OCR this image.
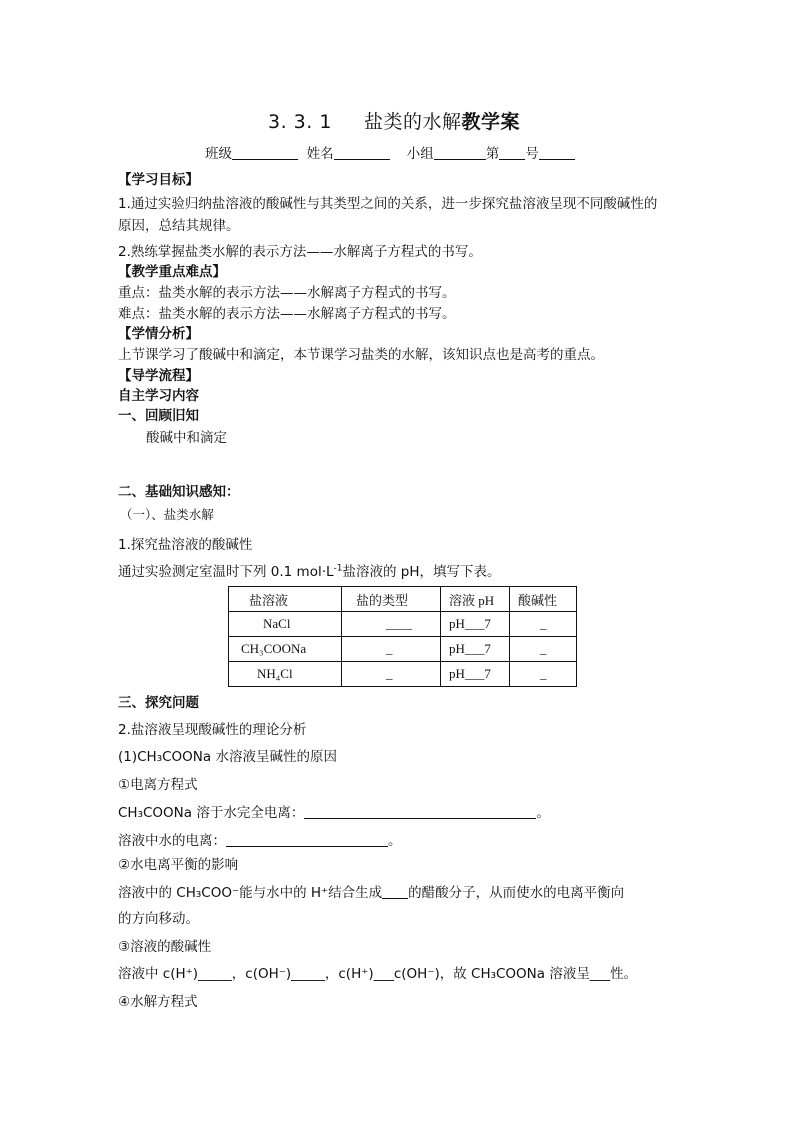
3. 3. 1 盐类的水解教学案
班级	姓名	小组	第 号
【学习目标】
1.通过实验归纳盐溶液的酸碱性与其类型之间的关系，进一步探究盐溶液呈现不同酸碱性的
原因，总结其规律。
2.熟练掌握盐类水解的表示方法——水解离子方程式的书写。
【教学重点难点】
重点：盐类水解的表示方法——水解离子方程式的书写。
难点：盐类水解的表示方法——水解离子方程式的书写。
【学情分析】
上节课学习了酸碱中和滴定，本节课学习盐类的水解，该知识点也是高考的重点。
【导学流程】
自主学习内容
一、回顾旧知
酸碱中和滴定
二、基础知识感知：
（一）、盐类水解
1.探究盐溶液的酸碱性
通过实验测定室温时下列 0.1 $mol\cdot L^{-1}$盐溶液的 pH，填写下表。
盐溶液	盐的类型	溶液 pH	酸碱性
NaCl	____	pH___7	_
CH₃COONa	_	pH___7	_
NH₄Cl	_	pH___7	_
三、探究问题
2.盐溶液呈现酸碱性的理论分析
(1)CH₃COONa 水溶液呈碱性的原因
①电离方程式
CH₃COONa 溶于水完全电离：	。
溶液中水的电离：	。
②水电离平衡的影响
溶液中的 CH₃COO⁻能与水中的 H⁺结合生成 的醋酸分子，从而使水的电离平衡向
的方向移动。
③溶液的酸碱性
溶液中 c(H⁺)_____，c(OH⁻)_____，c(H⁺)___c(OH⁻)，故 CH₃COONa 溶液呈___性。
④水解方程式
